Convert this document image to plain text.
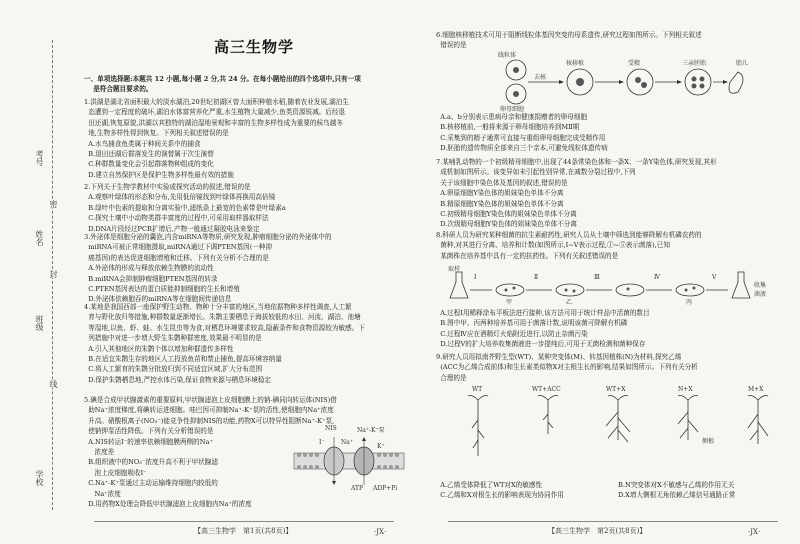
考号
姓名
班级
学校
密
封
线
高三生物学
一、单项选择题:本题共 12 小题,每小题 2 分,共 24 分。在每小题给出的四个选项中,只有一项
是符合题目要求的。
1.洪湖是湖北省面积最大的淡水湖泊,20世纪初湖区曾大面积种植水稻,随着农业发展,湖泊生
态遭到一定程度的破坏,湖泊水体富营养化严重,水生植物大量减少,鱼类资源锐减。后经退
田还湖,恢复原貌,洪湖以其独特的湖泊湿地景观和丰富的生物多样性成为重要的候鸟越冬
地,生物多样性得到恢复。下列相关叙述错误的是
A.水鸟捕食鱼类属于种间关系中的捕食
B.退田还湖后群落发生的演替属于次生演替
C.种群数量变化会引起群落物种组成的变化
D.建立自然保护区是保护生物多样性最有效的措施
2.下列关于生物学教材中实验或探究活动的叙述,错误的是
A.观察叶绿体的形态和分布,先用低倍镜找到叶绿体再换用高倍镜
B.绿叶中色素的提取和分离实验中,滤纸条上最宽的色素带是叶绿素a
C.探究土壤中小动物类群丰富度的过程中,可采用取样器取样法
D.DNA片段经过PCR扩增后,产物一般通过凝胶电泳来鉴定
3.外泌体是细胞分泌的囊泡,内含miRNA等物质,研究发现,肿瘤细胞分泌的外泌体中的
miRNA可被正常细胞摄取,miRNA通过下调PTEN基因(一种抑
癌基因)的表达促进细胞增殖和迁移。下列有关分析不合理的是
A.外泌体的形成与释放依赖生物膜的流动性
B.miRNA会抑制肿瘤细胞PTEN基因的转录
C.PTEN基因表达的蛋白质能抑制细胞的生长和增殖
D.外泌体依赖胞吞的miRNA等在细胞间传递信息
4.某地是我国西部一座保护野生动物、物种十分丰富的地区,当地依据物种多样性调查,人工繁
育与野化放归等措施,种群数量逐渐增长。朱鹮主要栖息于海拔较低的水田、河流、湖泊、池塘
等湿地,以鱼、虾、蛙、水生昆虫等为食,对栖息环境要求较高,隐蔽条件和食物资源较为敏感。下
列措施中对进一步增大野生朱鹮种群密度,效果最不明显的是
A.引入其他地区的朱鹮个体以增加种群遗传多样性
B.在适宜朱鹮生存的地区人工投放鱼苗和禁止捕鱼,提高环境容纳量
C.将人工繁育的朱鹮分批放归到不同适宜区域,扩大分布范围
D.保护朱鹮栖息地,严控水体污染,保证食物来源与栖息环境稳定
5.碘是合成甲状腺激素的重要原料,甲状腺滤泡上皮细胞膜上的钠-碘同向转运体(NIS)借
助Na⁺浓度梯度,将碘转运进细胞。哇巴因可抑制Na⁺-K⁺泵的活性,使细胞内Na⁺浓度
升高。硝酸根离子(NO₃⁻)能竞争性抑制NIS的功能,药物X可以特异性阻断Na⁺-K⁺泵,
使钠钾泵活性降低。下列有关分析错误的是
A.NIS转运I⁻的速率依赖细胞膜两侧的Na⁺
浓度差
B.组织液中的NO₃⁻浓度升高不利于甲状腺滤
泡上皮细胞吸收I⁻
C.Na⁺-K⁺泵通过主动运输维持细胞内较低的
Na⁺浓度
D.用药物X处理会降低甲状腺滤泡上皮细胞内Na⁺的浓度
NIS	Na⁺-K⁺泵
Na⁺
I⁻
K⁺
ATP ADP+Pi
【高三生物学　第1页(共8页)】	·JX·
6.细胞核移植技术可用于阻断线粒体基因突变的母系遗传,研究过程如图所示。下列相关叙述
错误的是
线粒体
卵母细胞
去核
核移植	受精	三亲胚胎	胎儿
A.a、b分别表示患病母亲和健康捐赠者的卵母细胞
B.核移植前,一般将来源于卵母细胞培养到MⅡ期
C.采集到的精子通常可直接与重组卵母细胞完成受精作用
D.胚胎的遗传物质全部来自三个亲本,可避免线粒体遗传病
7.某哺乳动物的一个初级精母细胞中,出现了44条常染色体和一条X、一条Y染色体,研究发现,其形
成机制如图所示。该变异如未引起性别异常,在减数分裂过程中,下列
关于该细胞中染色体及基因的叙述,错误的是
A.卵原细胞Y染色体的姐妹染色单体不分离
B.精原细胞Y染色体的姐妹染色单体不分离
C.初级精母细胞Y染色体的姐妹染色单体不分离
D.次级精母细胞Y染色体的姐妹染色单体不分离
8.科研人员为研究某种细菌的抗生素耐药性,研究人员从土壤中筛选到能够降解有机磷农药的
菌种,对其进行分离、培养和计数(如图所示,Ⅰ~Ⅴ表示过程,①~⑤表示菌落),已知
某菌株在培养基中具有一定的抗药性。下列有关叙述错误的是
取样
Ⅰ	Ⅱ	Ⅲ	Ⅳ	Ⅴ
甲	乙	丙
收集
菌液
A.过程Ⅰ用稀释涂布平板法进行接种,该方法可用于统计样品中活菌的数目
B.图中甲、丙两种培养基可用于菌落计数,说明该菌可降解有机磷
C.过程Ⅳ应在酒精灯火焰附近进行,以防止杂菌污染
D.过程Ⅴ的扩大培养收集菌液进一步提纯后,可用于无菌检测和菌种保存
9.研究人员用拟南芥野生型(WT)、某种突变体(M)、转基因植株(N)为材料,探究乙烯
(ACC为乙烯合成前体)和生长素类似物X对主根生长的影响,结果如图所示。下列有关分析
合理的是
WT	WT+ACC	WT+X	N+X	M+X
侧根
A.乙烯受体降低了WT对X的敏感性
C.乙烯和X对根生长的影响表现为协同作用
B.N突变体对X不敏感与乙烯的作用无关
D.X增大侧根无角依赖乙烯信号通路正常
【高三生物学　第2页(共8页)】	·JX·
